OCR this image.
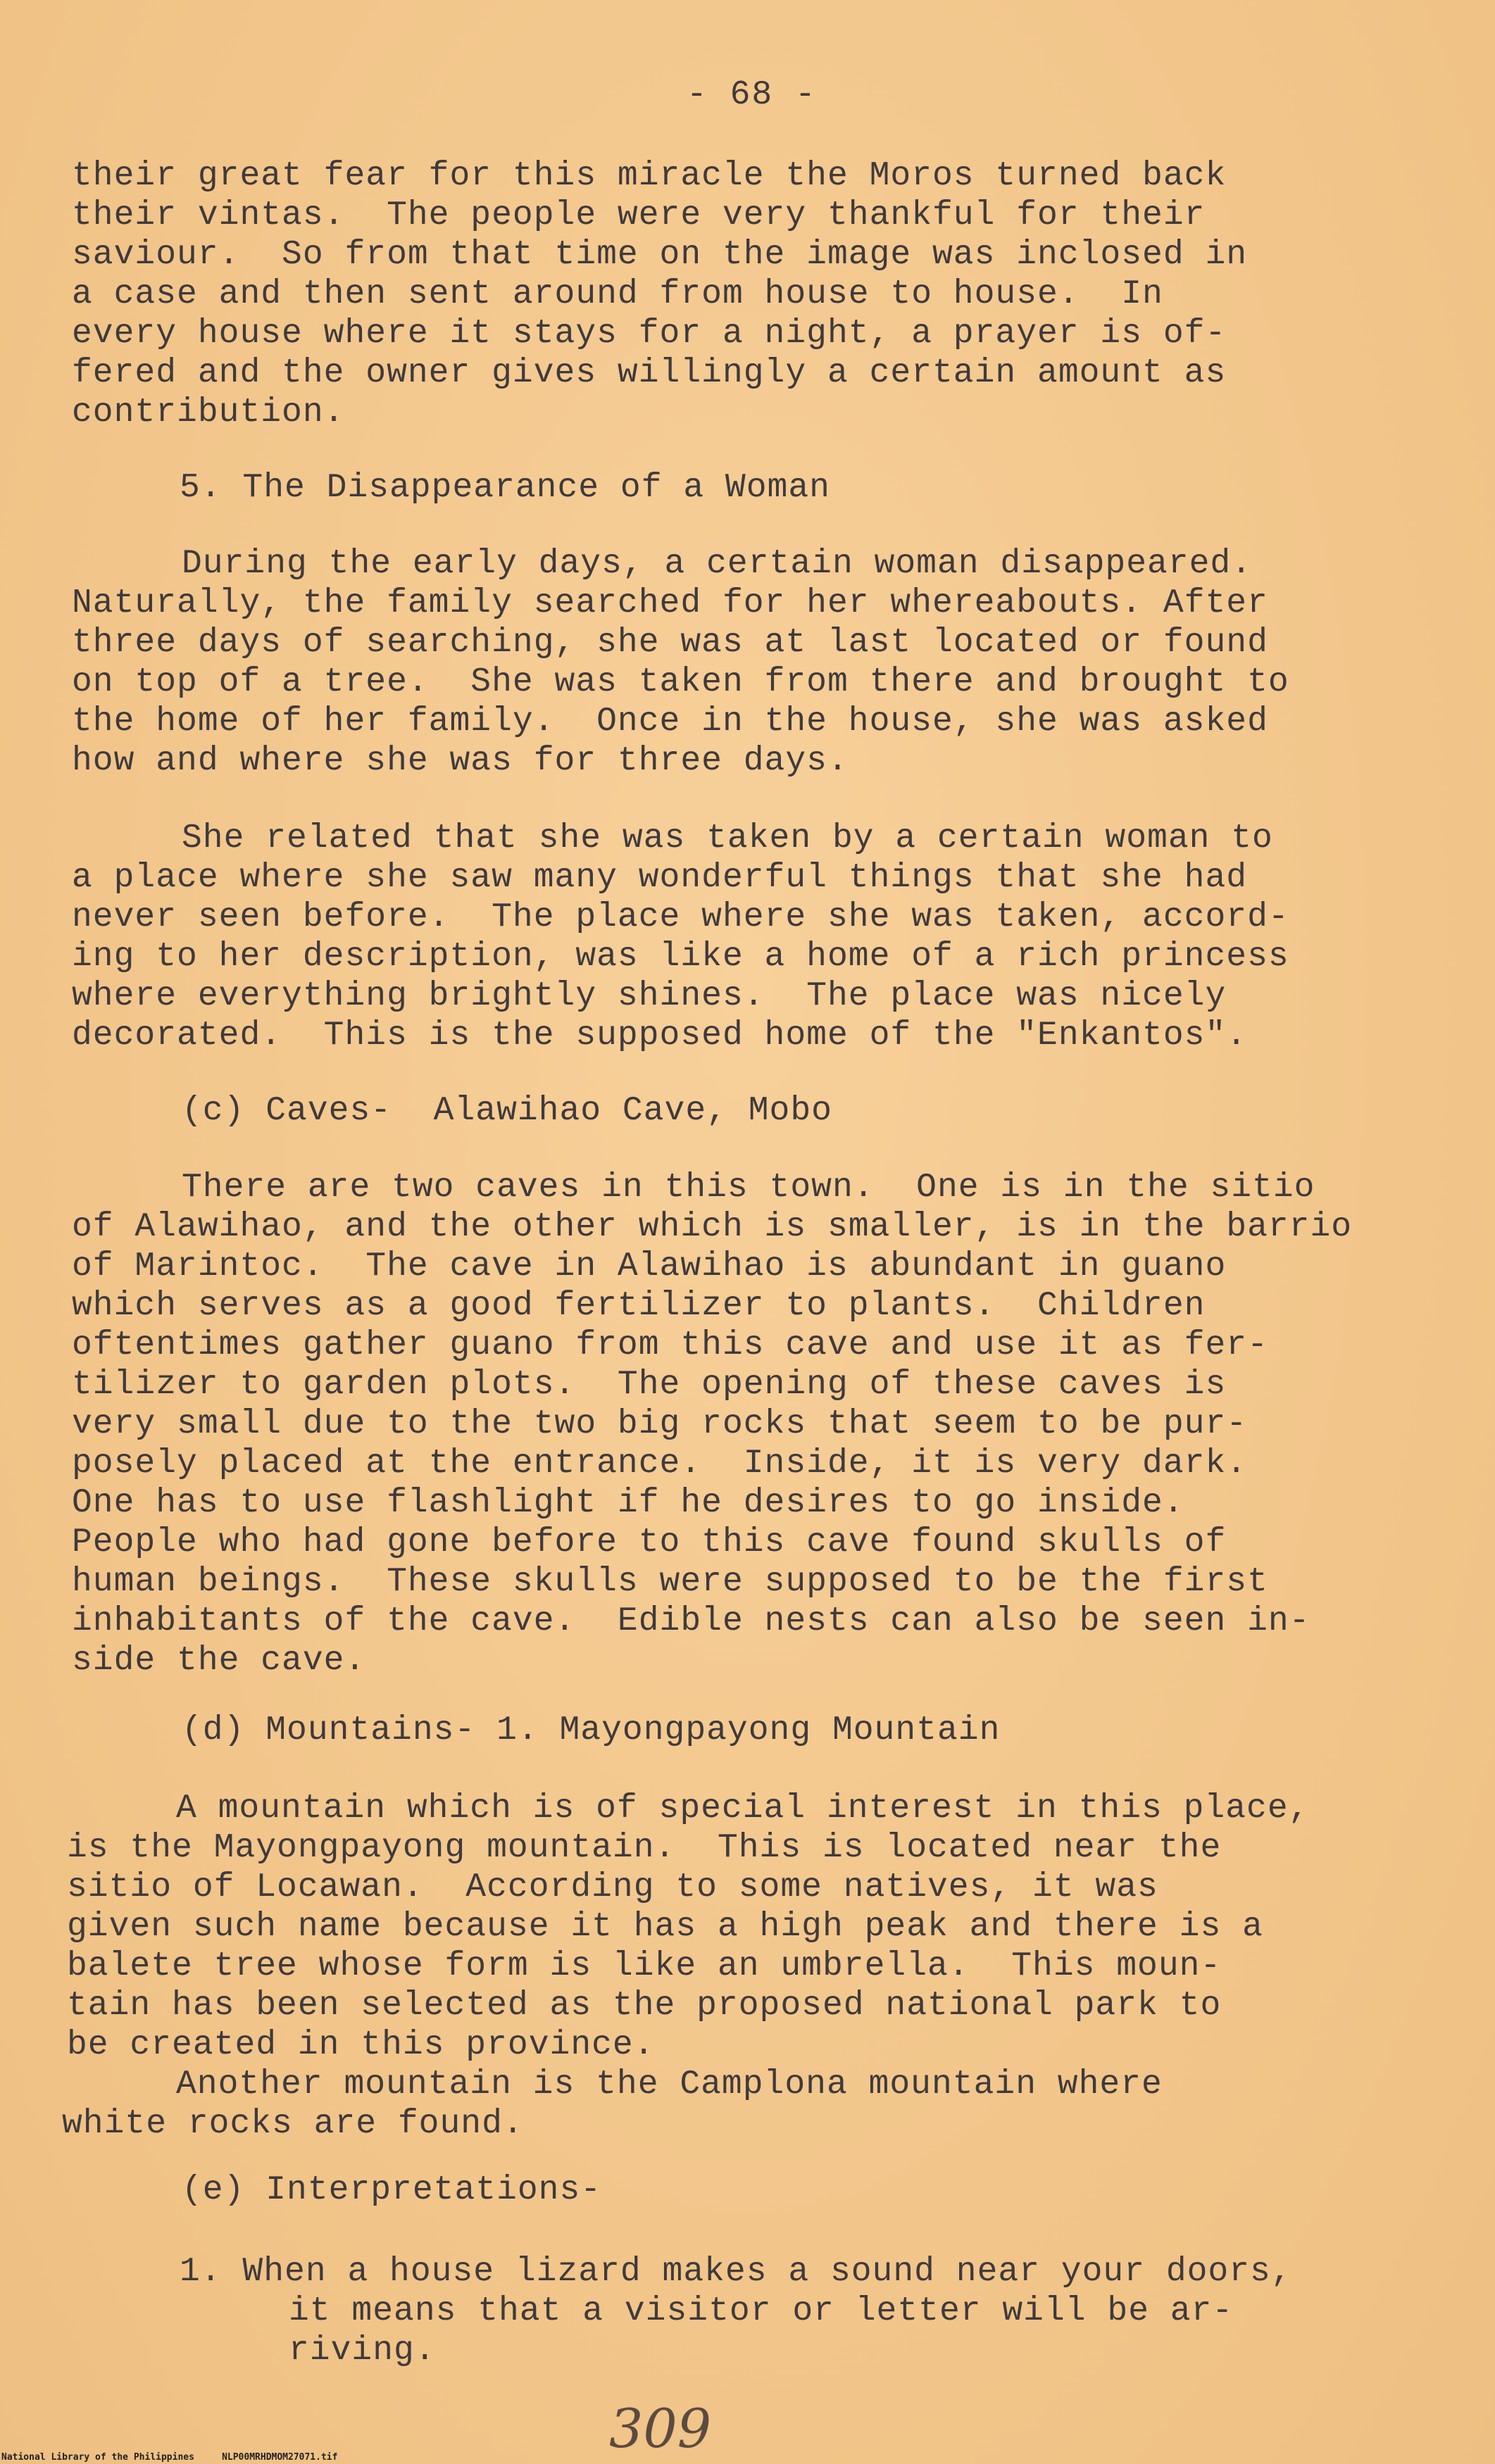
- 68 -
their great fear for this miracle the Moros turned back
their vintas.  The people were very thankful for their
saviour.  So from that time on the image was inclosed in
a case and then sent around from house to house.  In
every house where it stays for a night, a prayer is of-
fered and the owner gives willingly a certain amount as
contribution.
5. The Disappearance of a Woman
During the early days, a certain woman disappeared.
Naturally, the family searched for her whereabouts. After
three days of searching, she was at last located or found
on top of a tree.  She was taken from there and brought to
the home of her family.  Once in the house, she was asked
how and where she was for three days.
She related that she was taken by a certain woman to
a place where she saw many wonderful things that she had
never seen before.  The place where she was taken, accord-
ing to her description, was like a home of a rich princess
where everything brightly shines.  The place was nicely
decorated.  This is the supposed home of the "Enkantos".
(c) Caves-  Alawihao Cave, Mobo
There are two caves in this town.  One is in the sitio
of Alawihao, and the other which is smaller, is in the barrio
of Marintoc.  The cave in Alawihao is abundant in guano
which serves as a good fertilizer to plants.  Children
oftentimes gather guano from this cave and use it as fer-
tilizer to garden plots.  The opening of these caves is
very small due to the two big rocks that seem to be pur-
posely placed at the entrance.  Inside, it is very dark.
One has to use flashlight if he desires to go inside.
People who had gone before to this cave found skulls of
human beings.  These skulls were supposed to be the first
inhabitants of the cave.  Edible nests can also be seen in-
side the cave.
(d) Mountains- 1. Mayongpayong Mountain
A mountain which is of special interest in this place,
is the Mayongpayong mountain.  This is located near the
sitio of Locawan.  According to some natives, it was
given such name because it has a high peak and there is a
balete tree whose form is like an umbrella.  This moun-
tain has been selected as the proposed national park to
be created in this province.
Another mountain is the Camplona mountain where
white rocks are found.
(e) Interpretations-
1. When a house lizard makes a sound near your doors,
it means that a visitor or letter will be ar-
riving.
309
National Library of the Philippines	NLP00MRHDMOM27071.tif
